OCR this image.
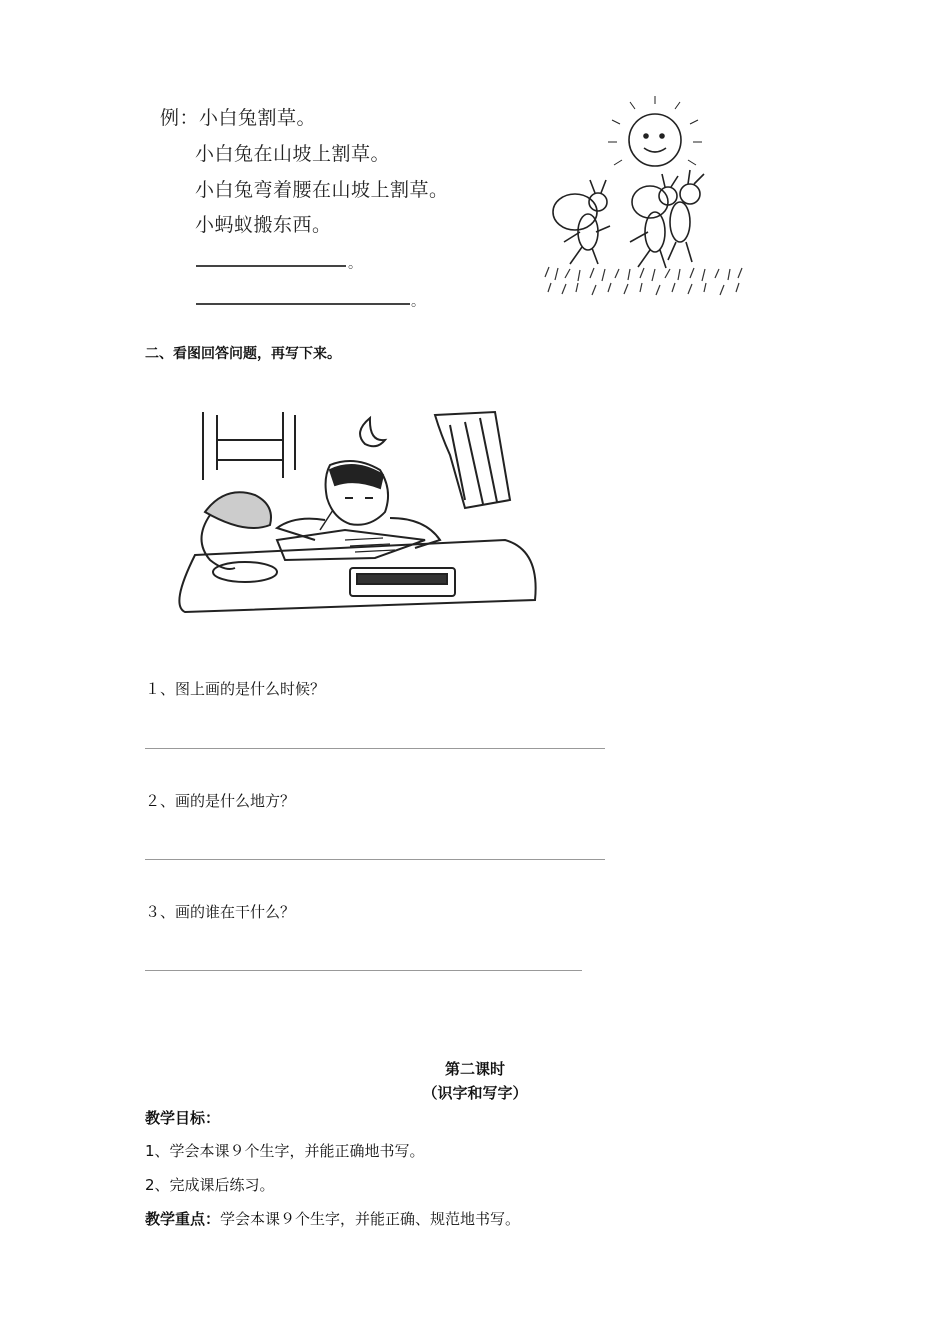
例：小白兔割草。
小白兔在山坡上割草。
小白兔弯着腰在山坡上割草。
小蚂蚁搬东西。
。
。
二、看图回答问题，再写下来。
１、图上画的是什么时候？
２、画的是什么地方？
３、画的谁在干什么？
第二课时
（识字和写字）
教学目标：
1、学会本课９个生字，并能正确地书写。
2、完成课后练习。
教学重点：学会本课９个生字，并能正确、规范地书写。
